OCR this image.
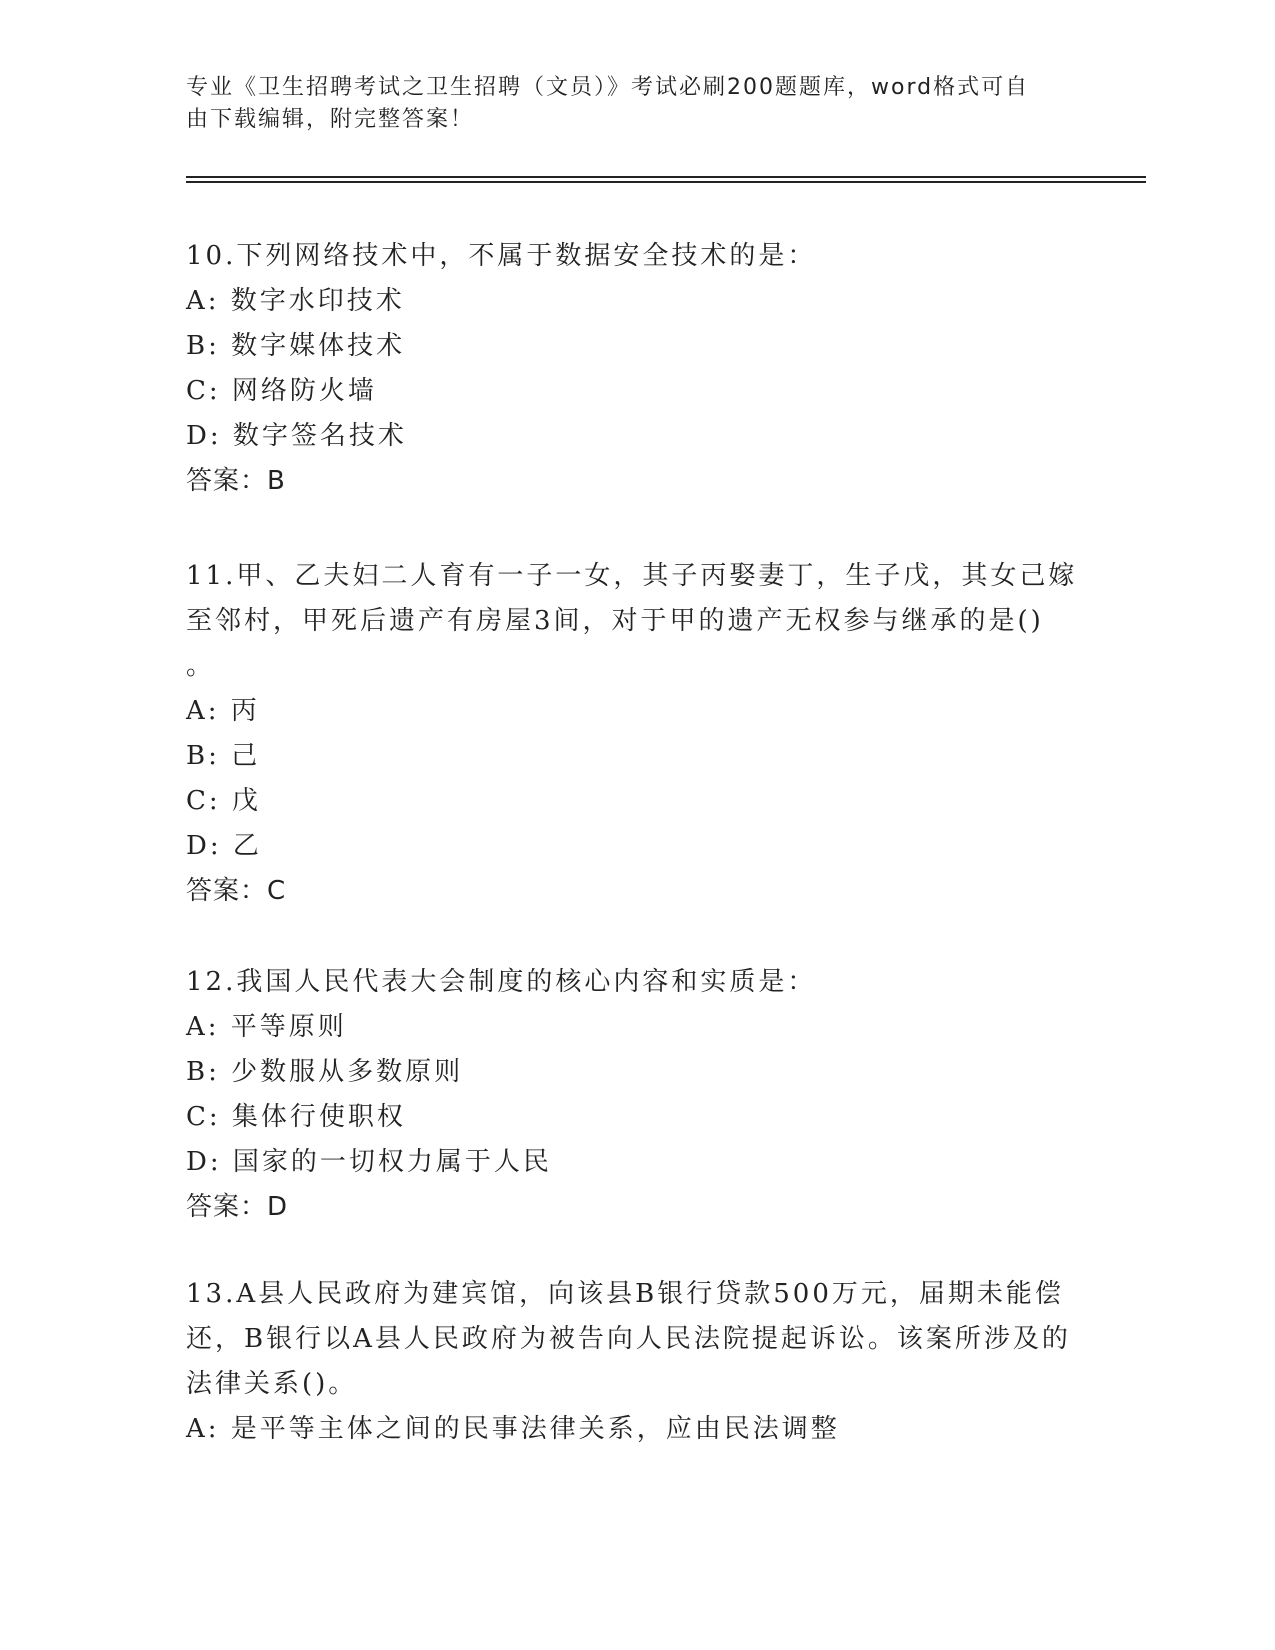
专业《卫生招聘考试之卫生招聘（文员）》考试必刷200题题库，word格式可自
由下载编辑，附完整答案！
10.下列网络技术中，不属于数据安全技术的是：
A: 数字水印技术
B: 数字媒体技术
C: 网络防火墙
D: 数字签名技术
答案：B
11.甲、乙夫妇二人育有一子一女，其子丙娶妻丁，生子戊，其女己嫁
至邻村，甲死后遗产有房屋3间，对于甲的遗产无权参与继承的是()
。
A: 丙
B: 己
C: 戊
D: 乙
答案：C
12.我国人民代表大会制度的核心内容和实质是：
A: 平等原则
B: 少数服从多数原则
C: 集体行使职权
D: 国家的一切权力属于人民
答案：D
13.A县人民政府为建宾馆，向该县B银行贷款500万元，届期未能偿
还，B银行以A县人民政府为被告向人民法院提起诉讼。该案所涉及的
法律关系()。
A: 是平等主体之间的民事法律关系，应由民法调整
